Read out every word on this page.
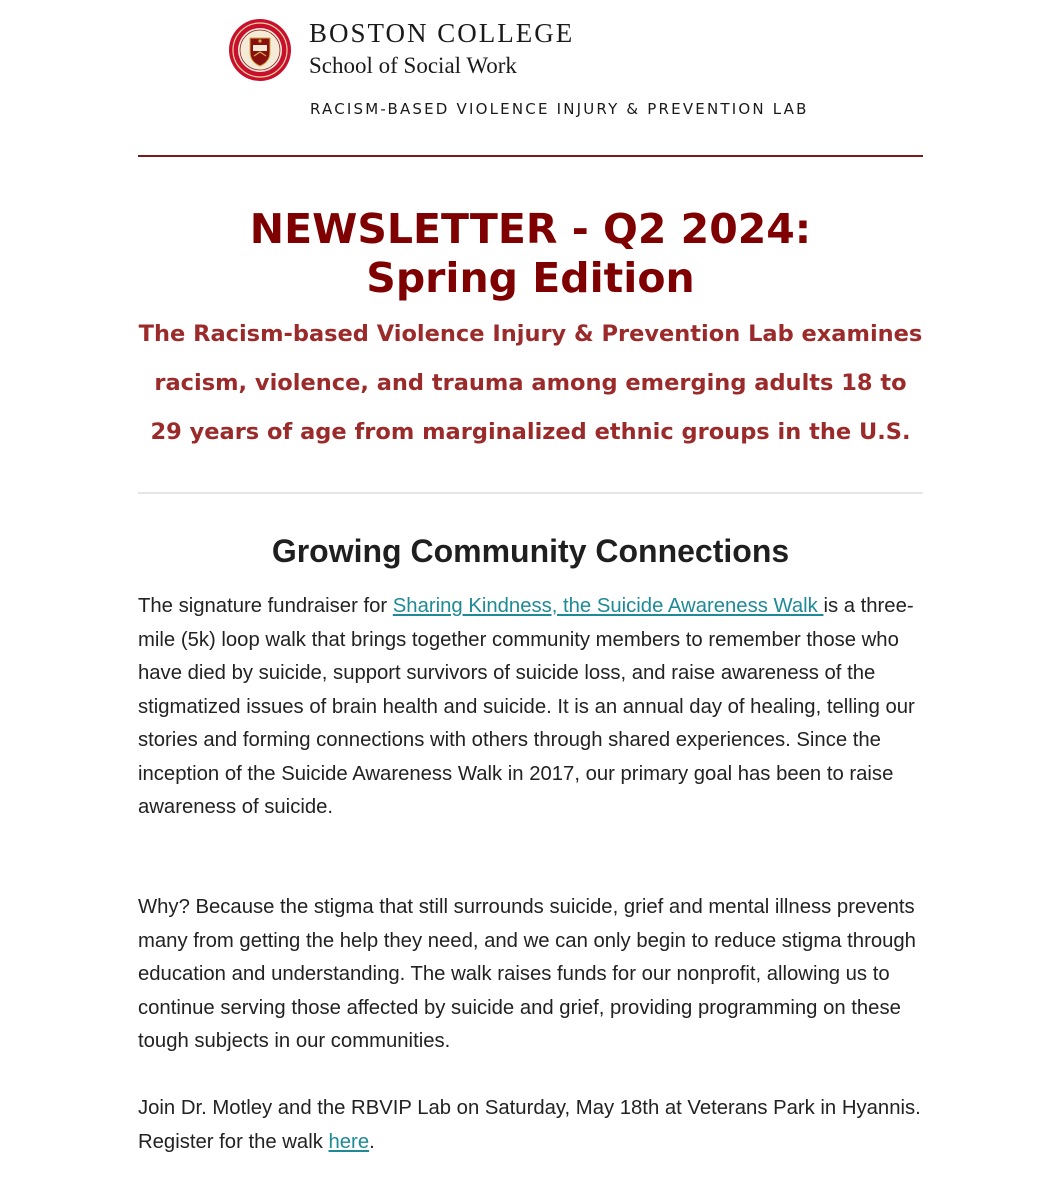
BOSTON COLLEGE
School of Social Work
RACISM-BASED VIOLENCE INJURY & PREVENTION LAB
NEWSLETTER - Q2 2024:
Spring Edition
The Racism-based Violence Injury & Prevention Lab examines racism, violence, and trauma among emerging adults 18 to 29 years of age from marginalized ethnic groups in the U.S.
Growing Community Connections

The signature fundraiser for Sharing Kindness, the Suicide Awareness Walk is a three-mile (5k) loop walk that brings together community members to remember those who have died by suicide, support survivors of suicide loss, and raise awareness of the stigmatized issues of brain health and suicide. It is an annual day of healing, telling our stories and forming connections with others through shared experiences. Since the inception of the Suicide Awareness Walk in 2017, our primary goal has been to raise awareness of suicide.

Why? Because the stigma that still surrounds suicide, grief and mental illness prevents many from getting the help they need, and we can only begin to reduce stigma through education and understanding. The walk raises funds for our nonprofit, allowing us to continue serving those affected by suicide and grief, providing programming on these tough subjects in our communities.

Join Dr. Motley and the RBVIP Lab on Saturday, May 18th at Veterans Park in Hyannis. Register for the walk here.
